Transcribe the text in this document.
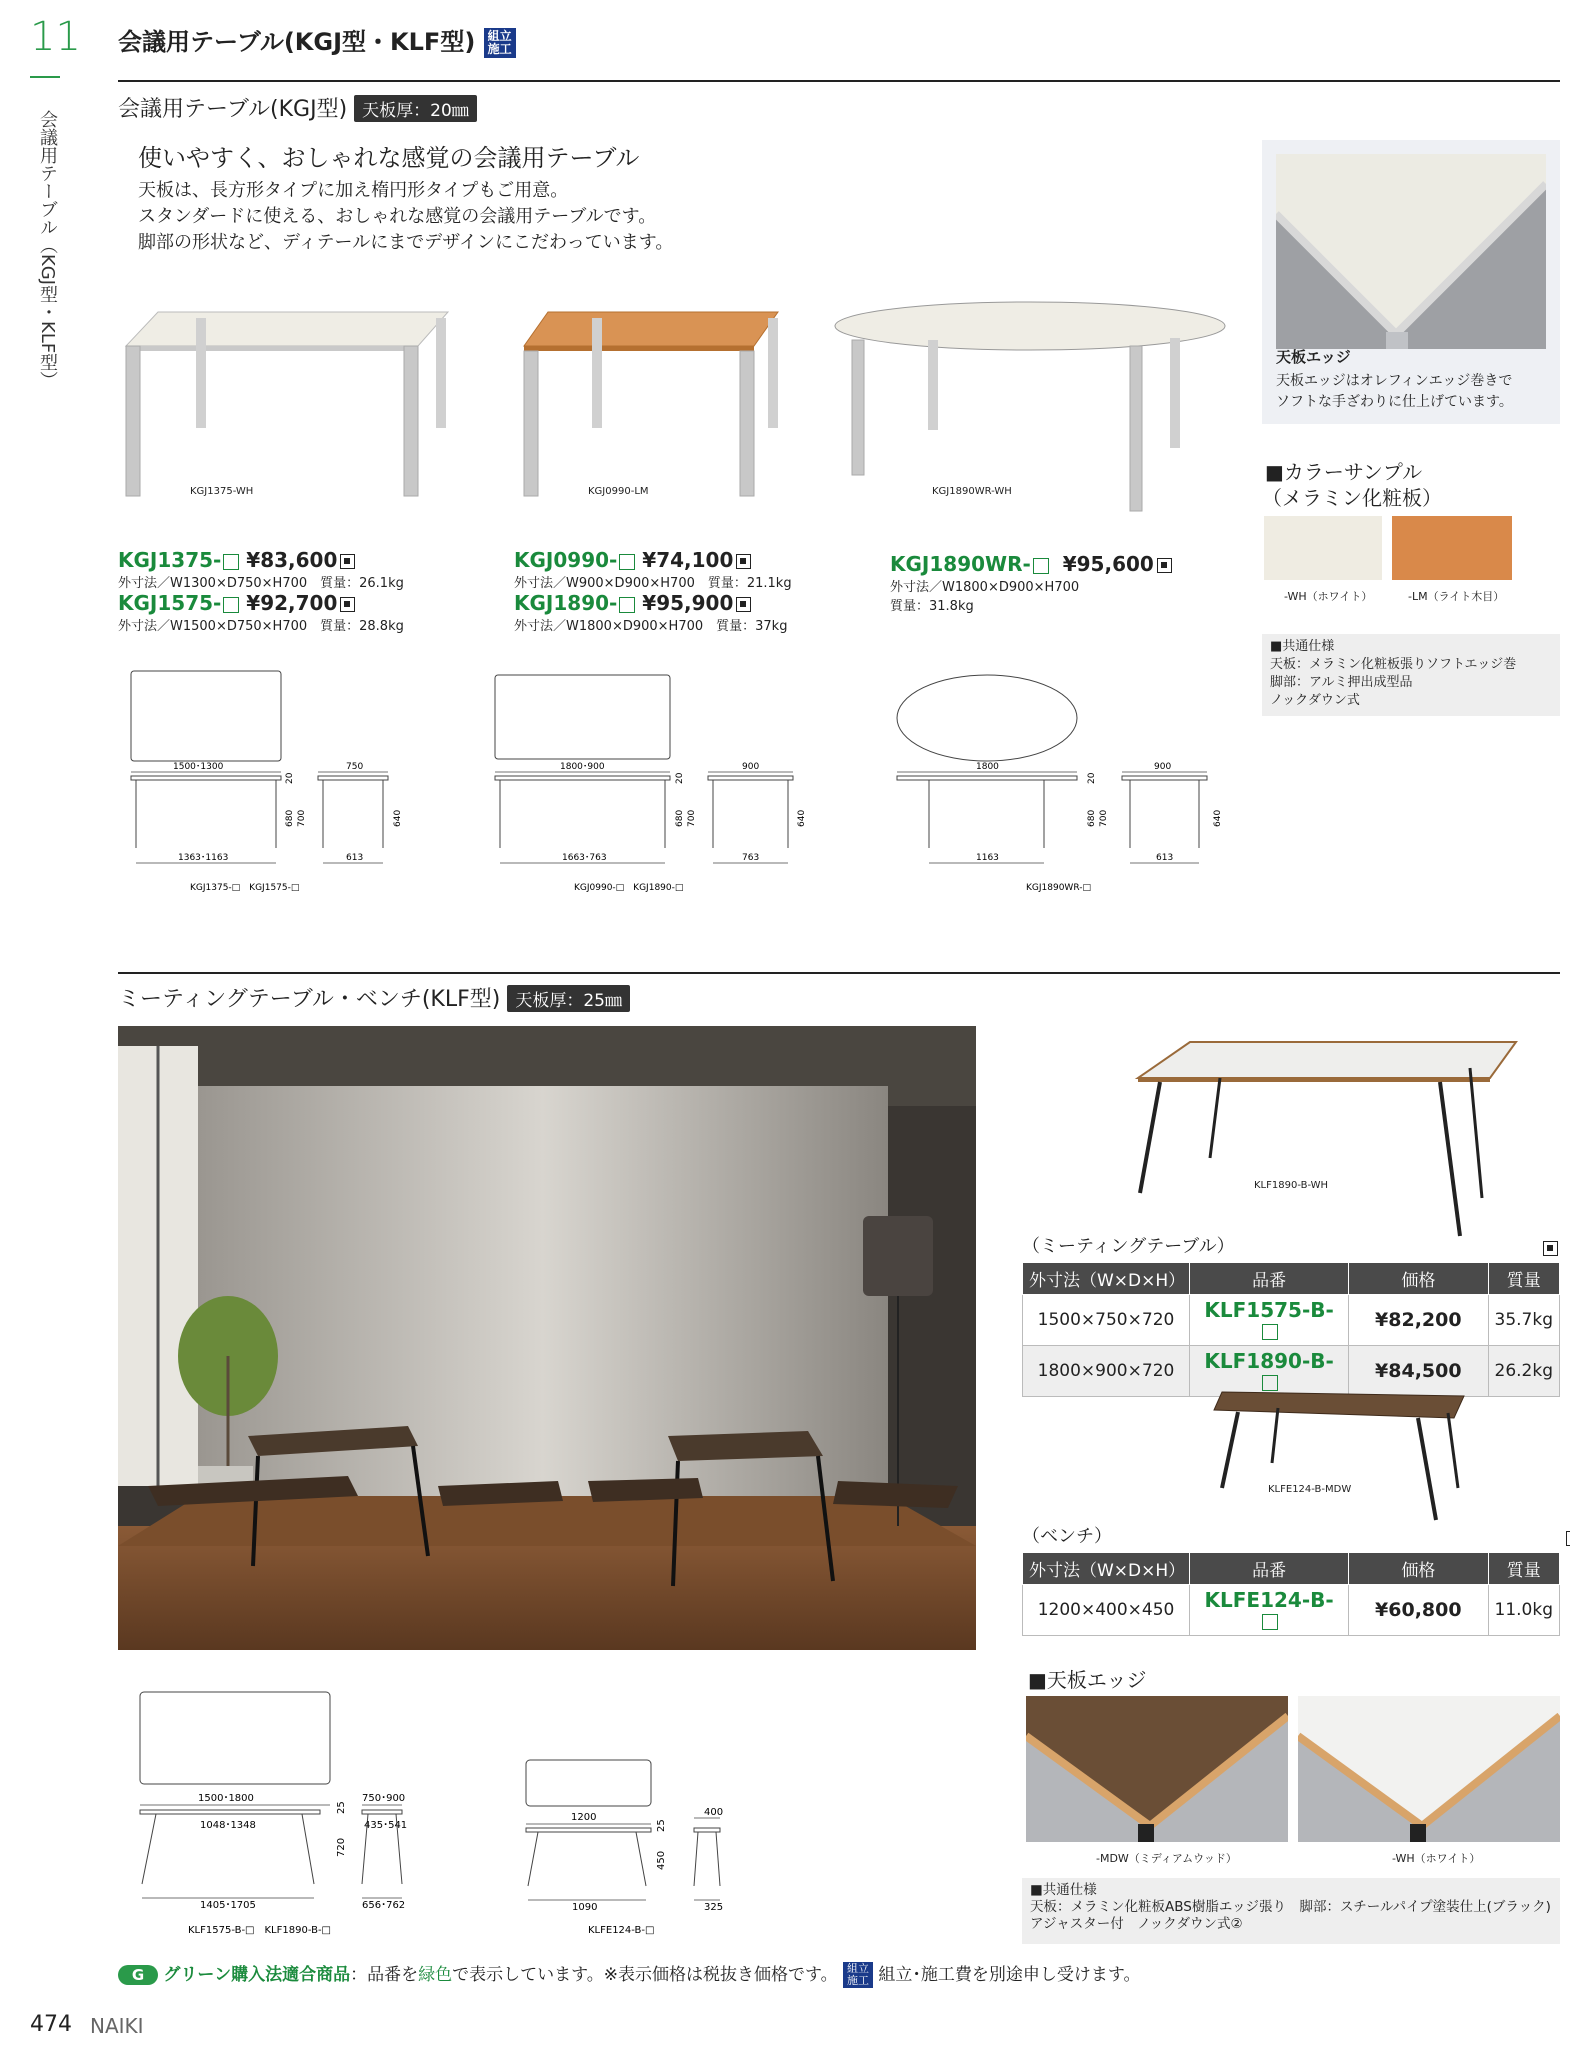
11
会議用テーブル（KGJ型・KLF型）
会議用テーブル(KGJ型・KLF型) 組立施工
会議用テーブル(KGJ型) 天板厚：20㎜
使いやすく、おしゃれな感覚の会議用テーブル
天板は、長方形タイプに加え楕円形タイプもご用意。
スタンダードに使える、おしゃれな感覚の会議用テーブルです。
脚部の形状など、ディテールにまでデザインにこだわっています。
KGJ1375-WH	KGJ0990-LM	KGJ1890WR-WH
KGJ1375- ¥83,600
外寸法／W1300×D750×H700　質量：26.1kg
KGJ1575- ¥92,700
外寸法／W1500×D750×H700　質量：28.8kg
KGJ0990- ¥74,100
外寸法／W900×D900×H700　質量：21.1kg
KGJ1890- ¥95,900
外寸法／W1800×D900×H700　質量：37kg
KGJ1890WR- ¥95,600
外寸法／W1800×D900×H700
質量：31.8kg
1500･1300	750
20
680 700	640
1363･1163	613
KGJ1375-□　KGJ1575-□
1800･900	900
20
680 700	640
1663･763	763
KGJ0990-□　KGJ1890-□
1800	900
20
680 700	640
1163	613
KGJ1890WR-□
天板エッジ
天板エッジはオレフィンエッジ巻きで
ソフトな手ざわりに仕上げています。
■カラーサンプル
（メラミン化粧板）
-WH（ホワイト）	-LM（ライト木目）
■共通仕様
天板：メラミン化粧板張りソフトエッジ巻
脚部：アルミ押出成型品
ノックダウン式
ミーティングテーブル・ベンチ(KLF型) 天板厚：25㎜
KLF1890-B-WH
（ミーティングテーブル）

外寸法（W×D×H）	品番	価格	質量
1500×750×720	KLF1575-B-	¥82,200	35.7kg
1800×900×720	KLF1890-B-	¥84,500	26.2kg
KLFE124-B-MDW
（ベンチ）
外寸法（W×D×H）	品番	価格	質量
1200×400×450	KLFE124-B-	¥60,800	11.0kg
■天板エッジ
-MDW（ミディアムウッド）	-WH（ホワイト）
■共通仕様
天板：メラミン化粧板ABS樹脂エッジ張り　脚部：スチールパイプ塗装仕上(ブラック)
アジャスター付　ノックダウン式②
1500･1800
1048･1348
25
720
750･900
435･541
1405･1705	656･762
KLF1575-B-□　KLF1890-B-□
1200
25
450
400
1090	325
KLFE124-B-□
G グリーン購入法適合商品：品番を緑色で表示しています。※表示価格は税抜き価格です。 組立施工 組立･施工費を別途申し受けます。
474 NAIKI
